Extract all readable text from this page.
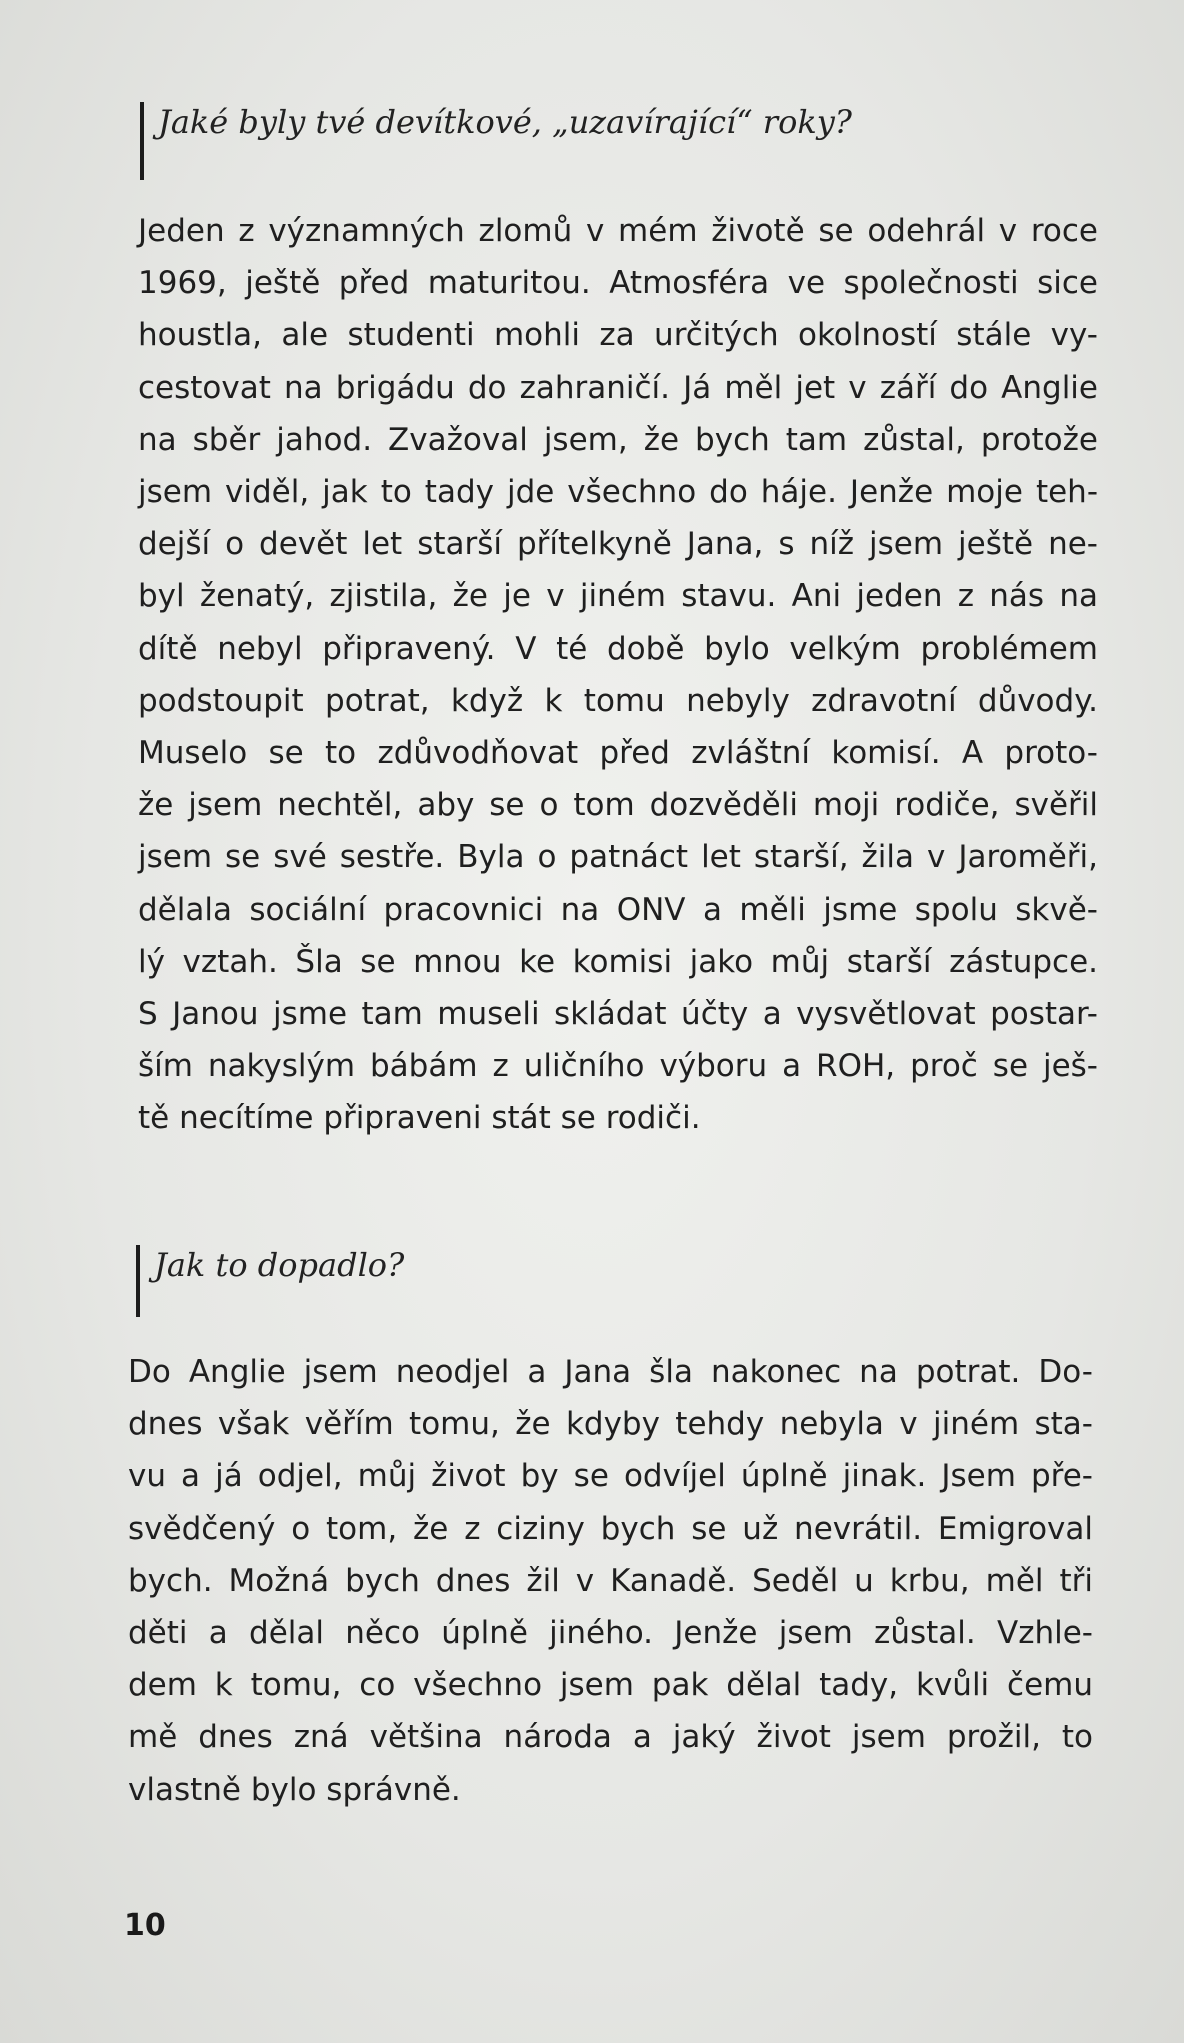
Jaké byly tvé devítkové, „uzavírající“ roky?
Jeden z významných zlomů v mém životě se odehrál v roce
1969, ještě před maturitou. Atmosféra ve společnosti sice
houstla, ale studenti mohli za určitých okolností stále vy-
cestovat na brigádu do zahraničí. Já měl jet v září do Anglie
na sběr jahod. Zvažoval jsem, že bych tam zůstal, protože
jsem viděl, jak to tady jde všechno do háje. Jenže moje teh-
dejší o devět let starší přítelkyně Jana, s níž jsem ještě ne-
byl ženatý, zjistila, že je v jiném stavu. Ani jeden z nás na
dítě nebyl připravený. V té době bylo velkým problémem
podstoupit potrat, když k tomu nebyly zdravotní důvody.
Muselo se to zdůvodňovat před zvláštní komisí. A proto-
že jsem nechtěl, aby se o tom dozvěděli moji rodiče, svěřil
jsem se své sestře. Byla o patnáct let starší, žila v Jaroměři,
dělala sociální pracovnici na ONV a měli jsme spolu skvě-
lý vztah. Šla se mnou ke komisi jako můj starší zástupce.
S Janou jsme tam museli skládat účty a vysvětlovat postar-
ším nakyslým bábám z uličního výboru a ROH, proč se ješ-
tě necítíme připraveni stát se rodiči.
Jak to dopadlo?
Do Anglie jsem neodjel a Jana šla nakonec na potrat. Do-
dnes však věřím tomu, že kdyby tehdy nebyla v jiném sta-
vu a já odjel, můj život by se odvíjel úplně jinak. Jsem pře-
svědčený o tom, že z ciziny bych se už nevrátil. Emigroval
bych. Možná bych dnes žil v Kanadě. Seděl u krbu, měl tři
děti a dělal něco úplně jiného. Jenže jsem zůstal. Vzhle-
dem k tomu, co všechno jsem pak dělal tady, kvůli čemu
mě dnes zná většina národa a jaký život jsem prožil, to
vlastně bylo správně.
10
